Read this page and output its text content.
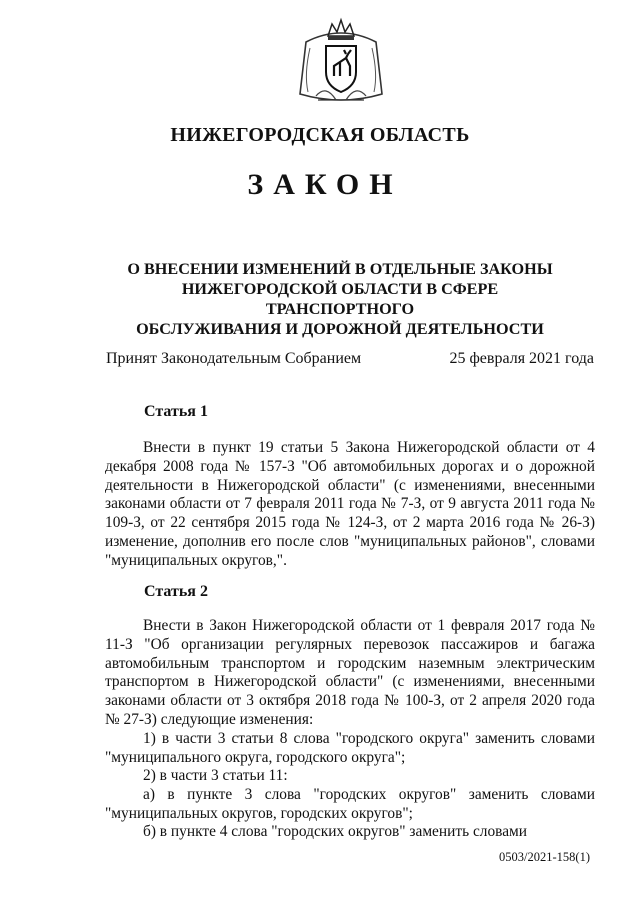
НИЖЕГОРОДСКАЯ ОБЛАСТЬ
ЗАКОН
О ВНЕСЕНИИ ИЗМЕНЕНИЙ В ОТДЕЛЬНЫЕ ЗАКОНЫ
НИЖЕГОРОДСКОЙ ОБЛАСТИ В СФЕРЕ ТРАНСПОРТНОГО
ОБСЛУЖИВАНИЯ И ДОРОЖНОЙ ДЕЯТЕЛЬНОСТИ
Принят Законодательным Собранием	25 февраля 2021 года
Статья 1

Внести в пункт 19 статьи 5 Закона Нижегородской области от 4 декабря 2008 года № 157-З "Об автомобильных дорогах и о дорожной деятельности в Нижегородской области" (с изменениями, внесенными законами области от 7 февраля 2011 года № 7-З, от 9 августа 2011 года № 109-З, от 22 сентября 2015 года № 124-З, от 2 марта 2016 года № 26-З) изменение, дополнив его после слов "муниципальных районов", словами "муниципальных округов,".

Статья 2

Внести в Закон Нижегородской области от 1 февраля 2017 года № 11-З "Об организации регулярных перевозок пассажиров и багажа автомобильным транспортом и городским наземным электрическим транспортом в Нижегородской области" (с изменениями, внесенными законами области от 3 октября 2018 года № 100-З, от 2 апреля 2020 года № 27-З) следующие изменения:

1) в части 3 статьи 8 слова "городского округа" заменить словами "муниципального округа, городского округа";

2) в части 3 статьи 11:

а) в пункте 3 слова "городских округов" заменить словами "муниципальных округов, городских округов";

б) в пункте 4 слова "городских округов" заменить словами

0503/2021-158(1)
